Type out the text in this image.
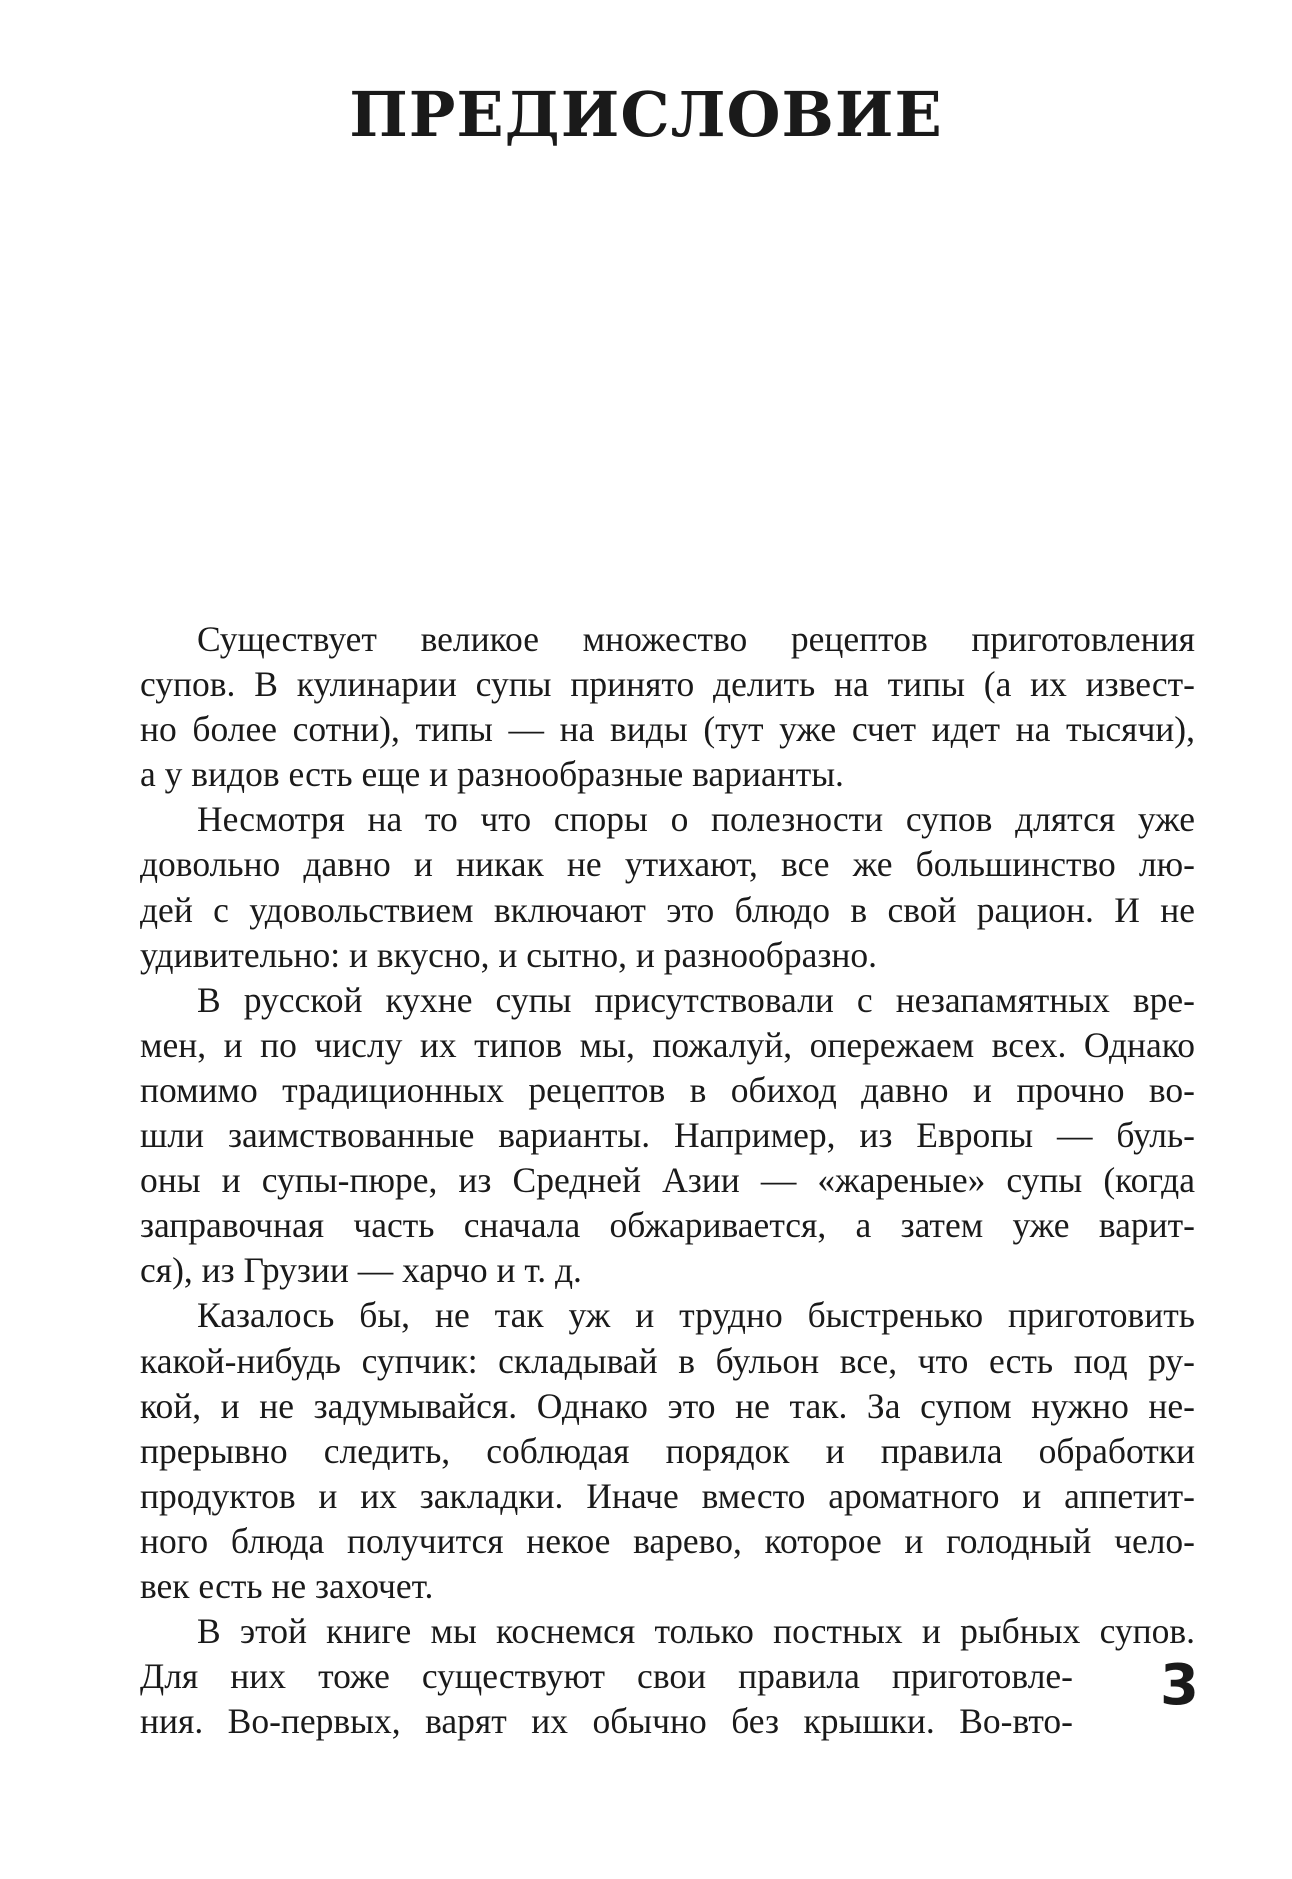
ПРЕДИСЛОВИЕ
Существует великое множество рецептов приготовления
супов. В кулинарии супы принято делить на типы (а их извест-
но более сотни), типы — на виды (тут уже счет идет на тысячи),
а у видов есть еще и разнообразные варианты.
Несмотря на то что споры о полезности супов длятся уже
довольно давно и никак не утихают, все же большинство лю-
дей с удовольствием включают это блюдо в свой рацион. И не
удивительно: и вкусно, и сытно, и разнообразно.
В русской кухне супы присутствовали с незапамятных вре-
мен, и по числу их типов мы, пожалуй, опережаем всех. Однако
помимо традиционных рецептов в обиход давно и прочно во-
шли заимствованные варианты. Например, из Европы — буль-
оны и супы-пюре, из Средней Азии — «жареные» супы (когда
заправочная часть сначала обжаривается, а затем уже варит-
ся), из Грузии — харчо и т. д.
Казалось бы, не так уж и трудно быстренько приготовить
какой-нибудь супчик: складывай в бульон все, что есть под ру-
кой, и не задумывайся. Однако это не так. За супом нужно не-
прерывно следить, соблюдая порядок и правила обработки
продуктов и их закладки. Иначе вместо ароматного и аппетит-
ного блюда получится некое варево, которое и голодный чело-
век есть не захочет.
В этой книге мы коснемся только постных и рыбных супов.
Для них тоже существуют свои правила приготовле-
ния. Во-первых, варят их обычно без крышки. Во-вто-
3
